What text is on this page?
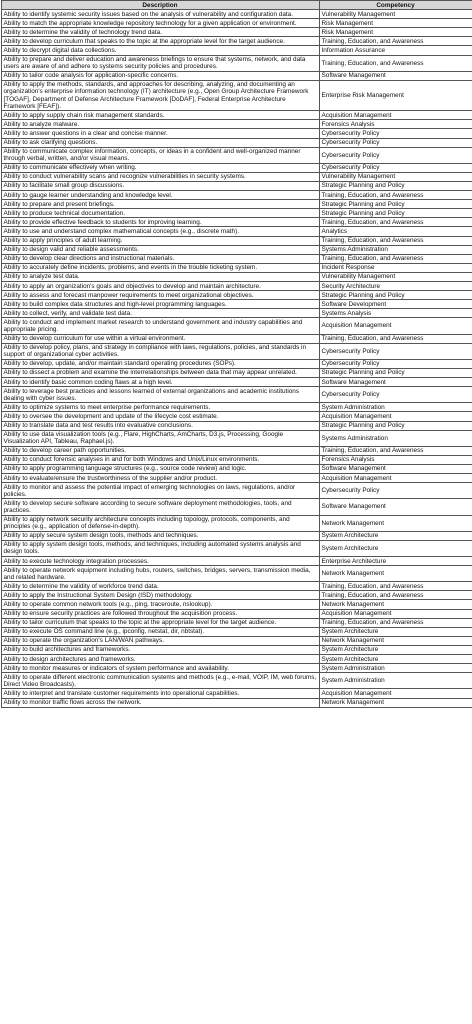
Description	Competency
Ability to identify systemic security issues based on the analysis of vulnerability and configuration data.	Vulnerability Management
Ability to match the appropriate knowledge repository technology for a given application or environment.	Risk Management
Ability to determine the validity of technology trend data.	Risk Management
Ability to develop curriculum that speaks to the topic at the appropriate level for the target audience.	Training, Education, and Awareness
Ability to decrypt digital data collections.	Information Assurance
Ability to prepare and deliver education and awareness briefings to ensure that systems, network, and data users are aware of and adhere to systems security policies and procedures.	Training, Education, and Awareness
Ability to tailor code analysis for application-specific concerns.	Software Management
Ability to apply the methods, standards, and approaches for describing, analyzing, and documenting an organization's enterprise information technology (IT) architecture (e.g., Open Group Architecture Framework [TOGAF], Department of Defense Architecture Framework [DoDAF], Federal Enterprise Architecture Framework [FEAF]).	Enterprise Risk Management
Ability to apply supply chain risk management standards.	Acquisition Management
Ability to analyze malware.	Forensics Analysis
Ability to answer questions in a clear and concise manner.	Cybersecurity Policy
Ability to ask clarifying questions.	Cybersecurity Policy
Ability to communicate complex information, concepts, or ideas in a confident and well-organized manner through verbal, written, and/or visual means.	Cybersecurity Policy
Ability to communicate effectively when writing.	Cybersecurity Policy
Ability to conduct vulnerability scans and recognize vulnerabilities in security systems.	Vulnerability Management
Ability to facilitate small group discussions.	Strategic Planning and Policy
Ability to gauge learner understanding and knowledge level.	Training, Education, and Awareness
Ability to prepare and present briefings.	Strategic Planning and Policy
Ability to produce technical documentation.	Strategic Planning and Policy
Ability to provide effective feedback to students for improving learning.	Training, Education, and Awareness
Ability to use and understand complex mathematical concepts (e.g., discrete math).	Analytics
Ability to apply principles of adult learning.	Training, Education, and Awareness
Ability to design valid and reliable assessments.	Systems Administration
Ability to develop clear directions and instructional materials.	Training, Education, and Awareness
Ability to accurately define incidents, problems, and events in the trouble ticketing system.	Incident Response
Ability to analyze test data.	Vulnerability Management
Ability to apply an organization's goals and objectives to develop and maintain architecture.	Security Architecture
Ability to assess and forecast manpower requirements to meet organizational objectives.	Strategic Planning and Policy
Ability to build complex data structures and high-level programming languages.	Software Development
Ability to collect, verify, and validate test data.	Systems Analysis
Ability to conduct and implement market research to understand government and industry capabilities and appropriate pricing.	Acquisition Management
Ability to develop curriculum for use within a virtual environment.	Training, Education, and Awareness
Ability to develop policy, plans, and strategy in compliance with laws, regulations, policies, and standards in support of organizational cyber activities.	Cybersecurity Policy
Ability to develop, update, and/or maintain standard operating procedures (SOPs).	Cybersecurity Policy
Ability to dissect a problem and examine the interrelationships between data that may appear unrelated.	Strategic Planning and Policy
Ability to identify basic common coding flaws at a high level.	Software Management
Ability to leverage best practices and lessons learned of external organizations and academic institutions dealing with cyber issues.	Cybersecurity Policy
Ability to optimize systems to meet enterprise performance requirements.	System Administration
Ability to oversee the development and update of the lifecycle cost estimate.	Acquisition Management
Ability to translate data and test results into evaluative conclusions.	Strategic Planning and Policy
Ability to use data visualization tools (e.g., Flare, HighCharts, AmCharts, D3.js, Processing, Google Visualization API, Tableau, Raphael.js).	Systems Administration
Ability to develop career path opportunities.	Training, Education, and Awareness
Ability to conduct forensic analyses in and for both Windows and Unix/Linux environments.	Forensics Analysis
Ability to apply programming language structures (e.g., source code review) and logic.	Software Management
Ability to evaluate/ensure the trustworthiness of the supplier and/or product.	Acquisition Management
Ability to monitor and assess the potential impact of emerging technologies on laws, regulations, and/or policies.	Cybersecurity Policy
Ability to develop secure software according to secure software deployment methodologies, tools, and practices.	Software Management
Ability to apply network security architecture concepts including topology, protocols, components, and principles (e.g., application of defense-in-depth).	Network Management
Ability to apply secure system design tools, methods and techniques.	System Architecture
Ability to apply system design tools, methods, and techniques, including automated systems analysis and design tools.	System Architecture
Ability to execute technology integration processes.	Enterprise Architecture
Ability to operate network equipment including hubs, routers, switches, bridges, servers, transmission media, and related hardware.	Network Management
Ability to determine the validity of workforce trend data.	Training, Education, and Awareness
Ability to apply the Instructional System Design (ISD) methodology.	Training, Education, and Awareness
Ability to operate common network tools (e.g., ping, traceroute, nslookup).	Network Management
Ability to ensure security practices are followed throughout the acquisition process.	Acquisition Management
Ability to tailor curriculum that speaks to the topic at the appropriate level for the target audience.	Training, Education, and Awareness
Ability to execute OS command line (e.g., ipconfig, netstat, dir, nbtstat).	System Architecture
Ability to operate the organization's LAN/WAN pathways.	Network Management
Ability to build architectures and frameworks.	System Architecture
Ability to design architectures and frameworks.	System Architecture
Ability to monitor measures or indicators of system performance and availability.	System Administration
Ability to operate different electronic communication systems and methods (e.g., e-mail, VOIP, IM, web forums, Direct Video Broadcasts).	System Administration
Ability to interpret and translate customer requirements into operational capabilities.	Acquisition Management
Ability to monitor traffic flows across the network.	Network Management
